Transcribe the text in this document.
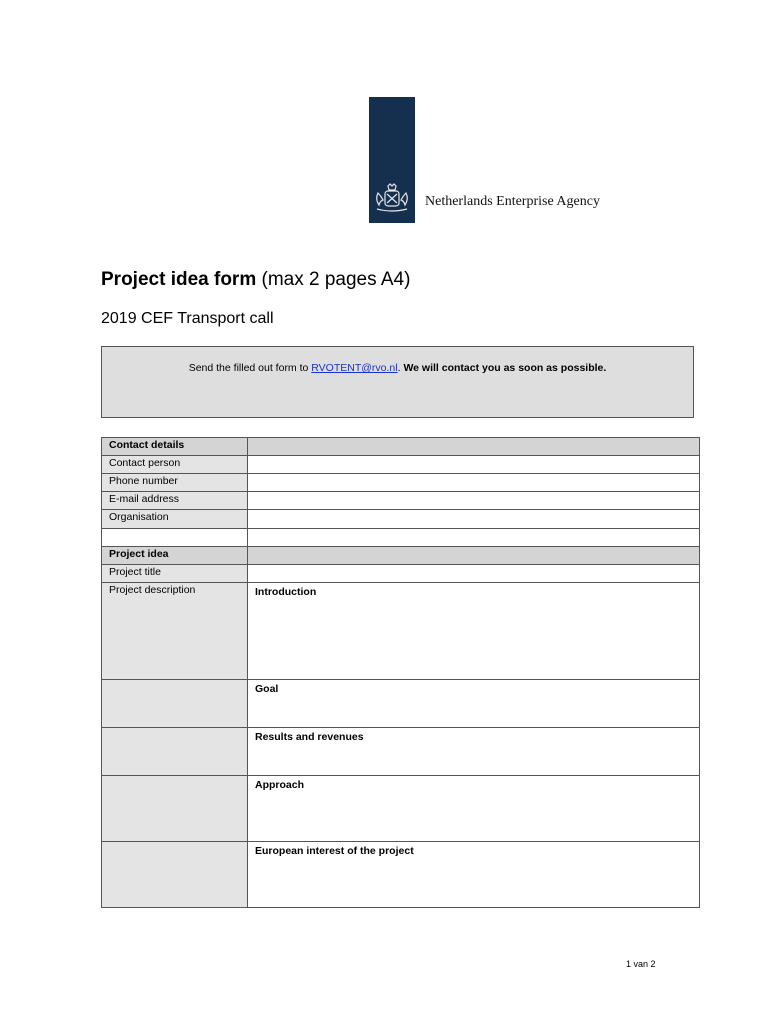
Netherlands Enterprise Agency
Project idea form (max 2 pages A4)
2019 CEF Transport call
Send the filled out form to RVOTENT@rvo.nl. We will contact you as soon as possible.
Contact details	
Contact person	
Phone number	
E-mail address	
Organisation	

Project idea	
Project title	
Project description	Introduction
	Goal
	Results and revenues
	Approach
	European interest of the project
1 van 2
